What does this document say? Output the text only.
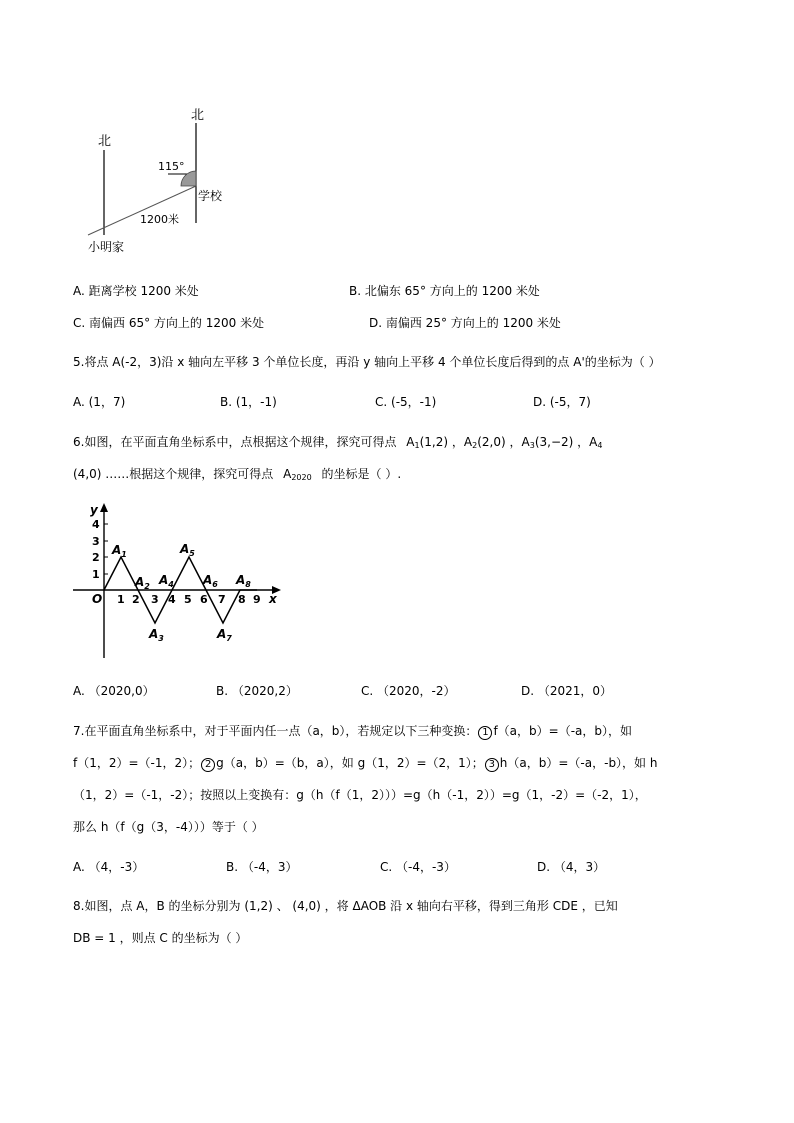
北
北
115°
学校
1200米
小明家
A. 距离学校 1200 米处	B. 北偏东 65° 方向上的 1200 米处
C. 南偏西 65° 方向上的 1200 米处	D. 南偏西 25° 方向上的 1200 米处
5.将点 A(-2，3)沿 x 轴向左平移 3 个单位长度，再沿 y 轴向上平移 4 个单位长度后得到的点 A'的坐标为（ ）
A. (1，7)	B. (1，-1)	C. (-5，-1)	D. (-5，7)
6.如图，在平面直角坐标系中，点根据这个规律，探究可得点 $A_1(1,2)$ ，$A_2(2,0)$ ，$A_3(3,-2)$ ，$A_4$
(4,0) ……根据这个规律，探究可得点 $A_{2020}$ 的坐标是（ ）.
y
x
O
4
3
2
1
1 2 3 4 5 6 7 8 9
$A_1$
$A_2$
$A_3$
$A_4$
$A_5$
$A_6$
$A_7$
$A_8$
A. （2020,0）	B. （2020,2）	C. （2020，-2）	D. （2021，0）
7.在平面直角坐标系中，对于平面内任一点（a，b），若规定以下三种变换： 1 f（a，b）=（-a，b），如
f（1，2）=（-1，2）； 2 g（a，b）=（b，a），如 g（1，2）=（2，1）； 3 h（a，b）=（-a，-b），如 h
（1，2）=（-1，-2）；按照以上变换有：g（h（f（1，2）））=g（h（-1，2））=g（1，-2）=（-2，1），
那么 h（f（g（3，-4）））等于（ ）
A. （4，-3）	B. （-4，3）	C. （-4，-3）	D. （4，3）
8.如图，点 A，B 的坐标分别为 (1,2) 、 (4,0) ，将 ΔAOB 沿 x 轴向右平移，得到三角形 CDE ，已知
DB = 1 ，则点 C 的坐标为（ ）
